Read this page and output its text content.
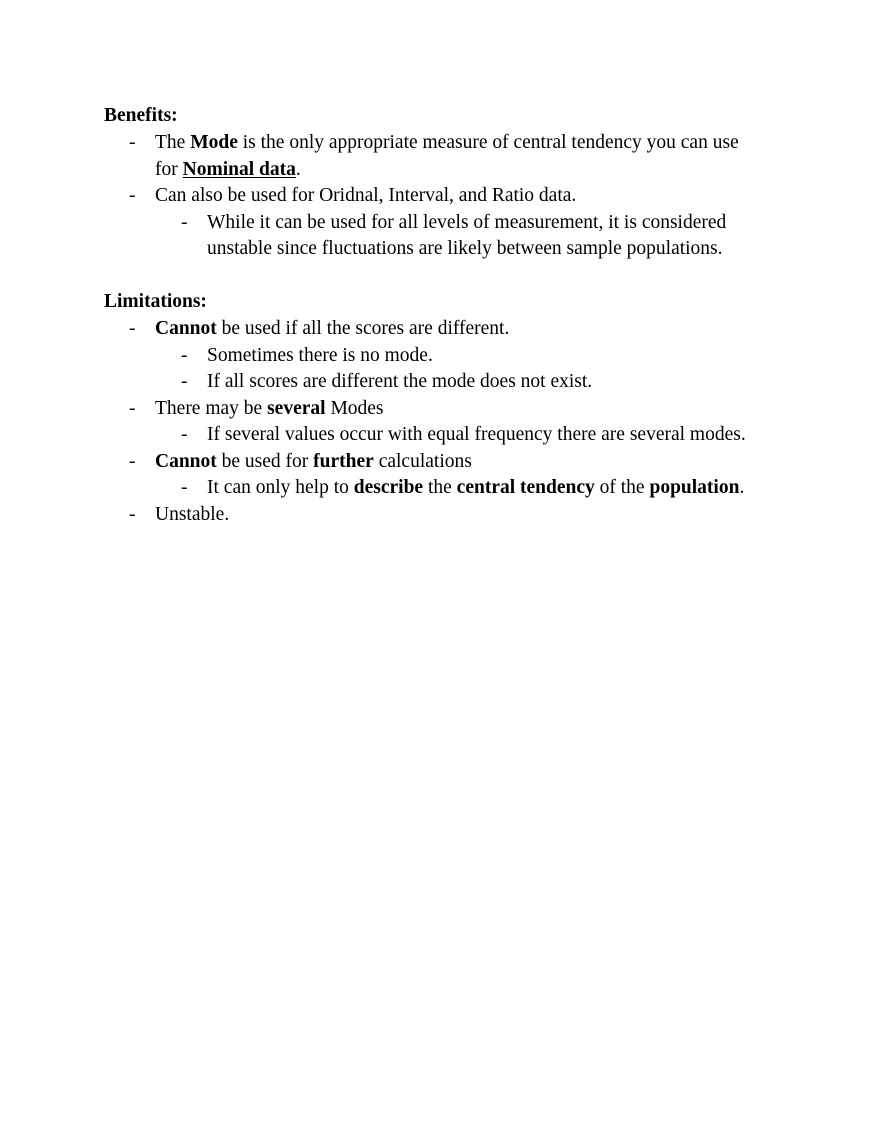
Benefits:
- The Mode is the only appropriate measure of central tendency you can use
for Nominal data.
- Can also be used for Oridnal, Interval, and Ratio data.
- While it can be used for all levels of measurement, it is considered
unstable since fluctuations are likely between sample populations.
Limitations:
- Cannot be used if all the scores are different.
- Sometimes there is no mode.
- If all scores are different the mode does not exist.
- There may be several Modes
- If several values occur with equal frequency there are several modes.
- Cannot be used for further calculations
- It can only help to describe the central tendency of the population.
- Unstable.
